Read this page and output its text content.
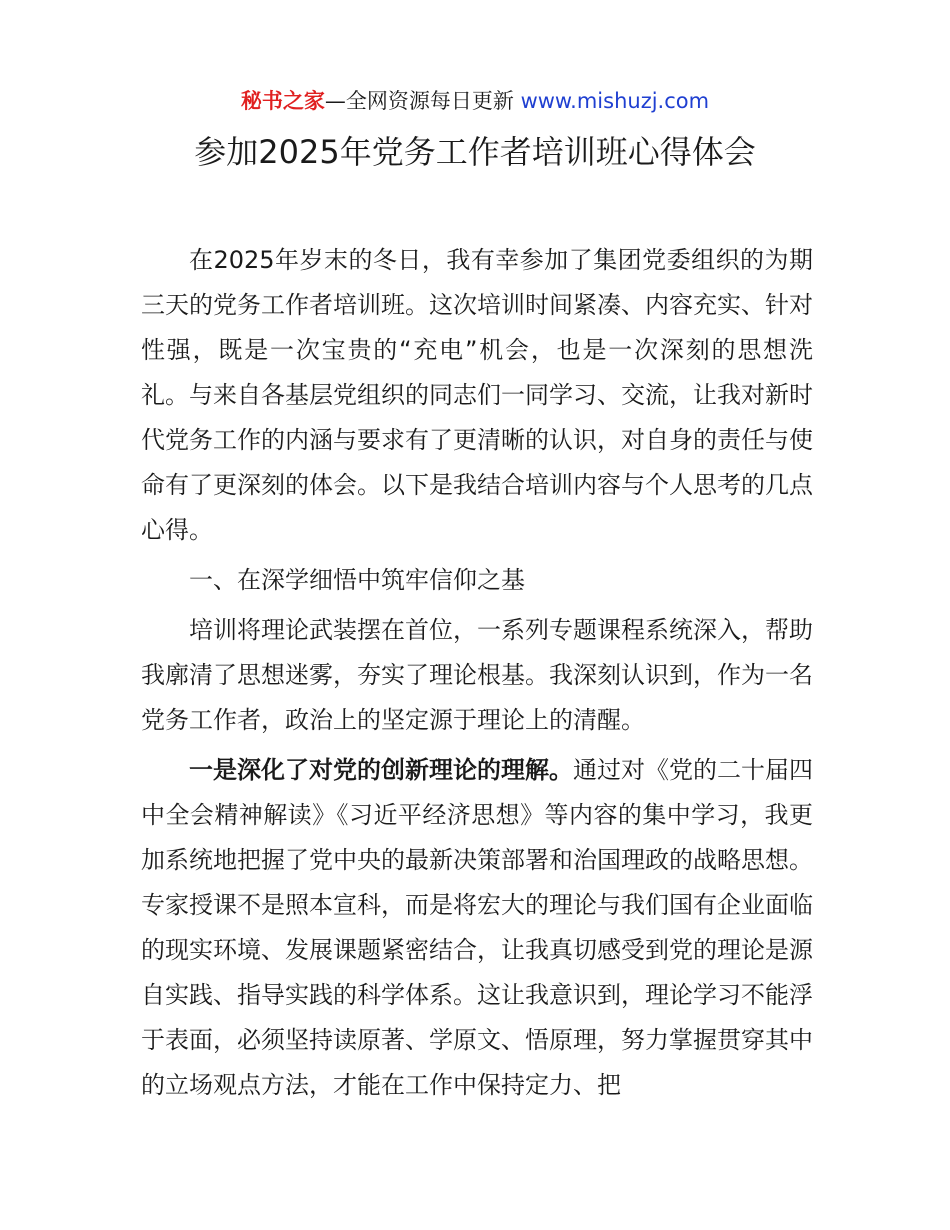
秘书之家—全网资源每日更新 www.mishuzj.com
参加2025年党务工作者培训班心得体会

在2025年岁末的冬日，我有幸参加了集团党委组织的为期三天的党务工作者培训班。这次培训时间紧凑、内容充实、针对性强，既是一次宝贵的“充电”机会，也是一次深刻的思想洗礼。与来自各基层党组织的同志们一同学习、交流，让我对新时代党务工作的内涵与要求有了更清晰的认识，对自身的责任与使命有了更深刻的体会。以下是我结合培训内容与个人思考的几点心得。

一、在深学细悟中筑牢信仰之基

培训将理论武装摆在首位，一系列专题课程系统深入，帮助我廓清了思想迷雾，夯实了理论根基。我深刻认识到，作为一名党务工作者，政治上的坚定源于理论上的清醒。

一是深化了对党的创新理论的理解。通过对《党的二十届四中全会精神解读》《习近平经济思想》等内容的集中学习，我更加系统地把握了党中央的最新决策部署和治国理政的战略思想。专家授课不是照本宣科，而是将宏大的理论与我们国有企业面临的现实环境、发展课题紧密结合，让我真切感受到党的理论是源自实践、指导实践的科学体系。这让我意识到，理论学习不能浮于表面，必须坚持读原著、学原文、悟原理，努力掌握贯穿其中的立场观点方法，才能在工作中保持定力、把
